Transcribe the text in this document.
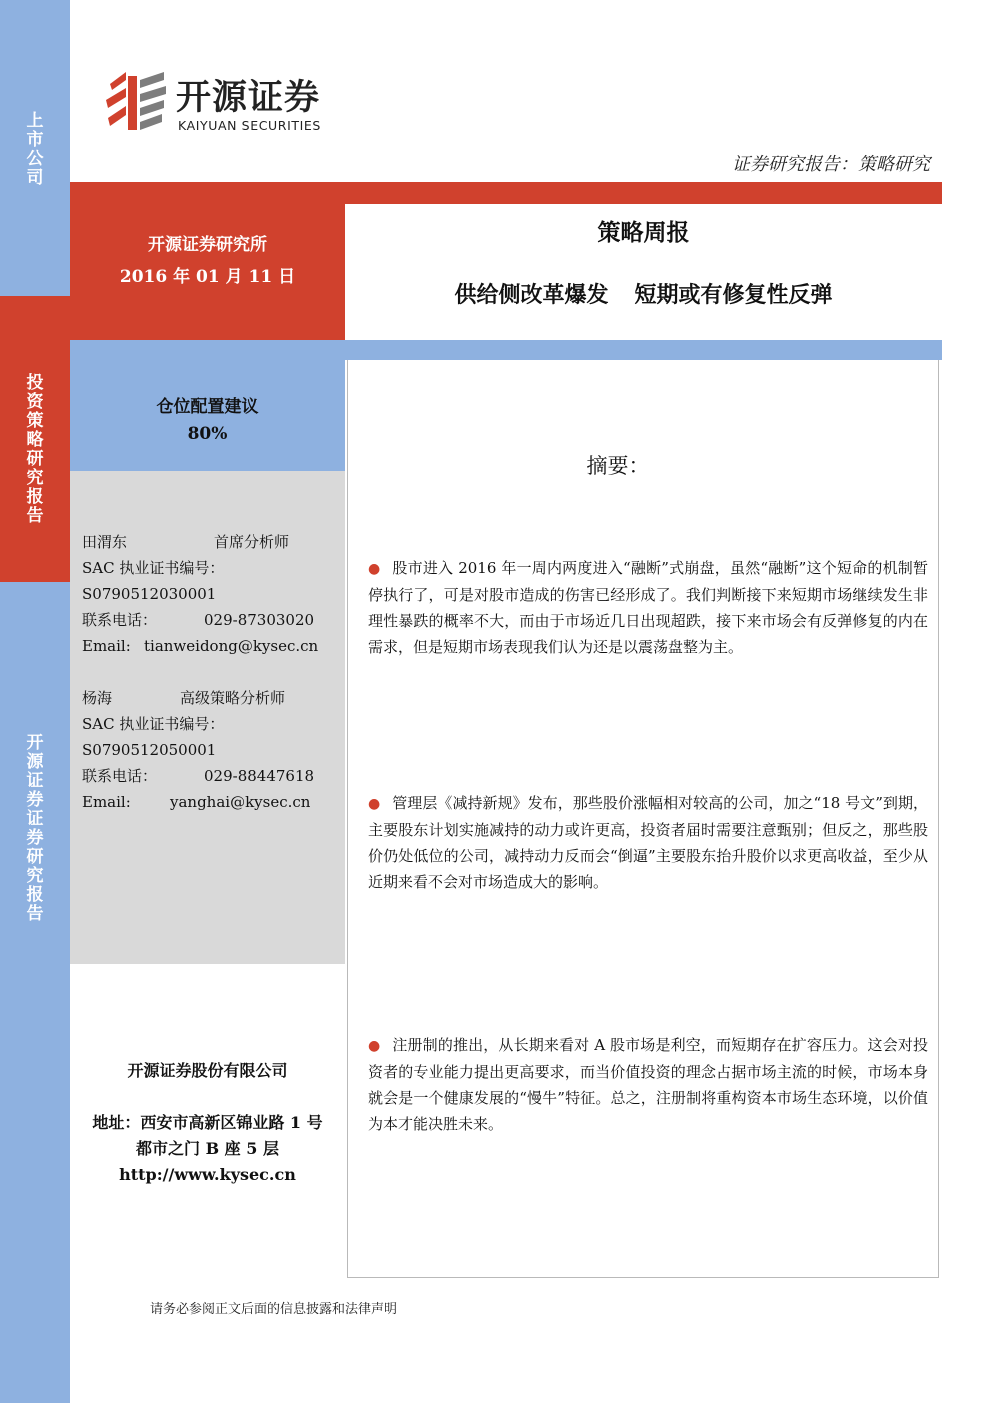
上市公司
投资策略研究报告
开源证券 证券研究报告
开源证券
KAIYUAN SECURITIES
证券研究报告：策略研究
开源证券研究所
2016 年 01 月 11 日
策略周报
供给侧改革爆发 短期或有修复性反弹
仓位配置建议
80%
田渭东	首席分析师
SAC 执业证书编号：
S0790512030001
联系电话：	029-87303020
Email: tianweidong@kysec.cn
杨海	高级策略分析师
SAC 执业证书编号：
S0790512050001
联系电话：	029-88447618
Email:	yanghai@kysec.cn
开源证券股份有限公司
地址：西安市高新区锦业路 1 号
都市之门 B 座 5 层
http://www.kysec.cn
摘要：
● 股市进入 2016 年一周内两度进入“融断”式崩盘，虽然“融断”这个短命的机制暂停执行了，可是对股市造成的伤害已经形成了。我们判断接下来短期市场继续发生非理性暴跌的概率不大，而由于市场近几日出现超跌，接下来市场会有反弹修复的内在需求，但是短期市场表现我们认为还是以震荡盘整为主。
● 管理层《减持新规》发布，那些股价涨幅相对较高的公司，加之“18 号文”到期，主要股东计划实施减持的动力或许更高，投资者届时需要注意甄别；但反之，那些股价仍处低位的公司，减持动力反而会“倒逼”主要股东抬升股价以求更高收益，至少从近期来看不会对市场造成大的影响。
● 注册制的推出，从长期来看对 A 股市场是利空，而短期存在扩容压力。这会对投资者的专业能力提出更高要求，而当价值投资的理念占据市场主流的时候，市场本身就会是一个健康发展的“慢牛”特征。总之，注册制将重构资本市场生态环境，以价值为本才能决胜未来。
请务必参阅正文后面的信息披露和法律声明
